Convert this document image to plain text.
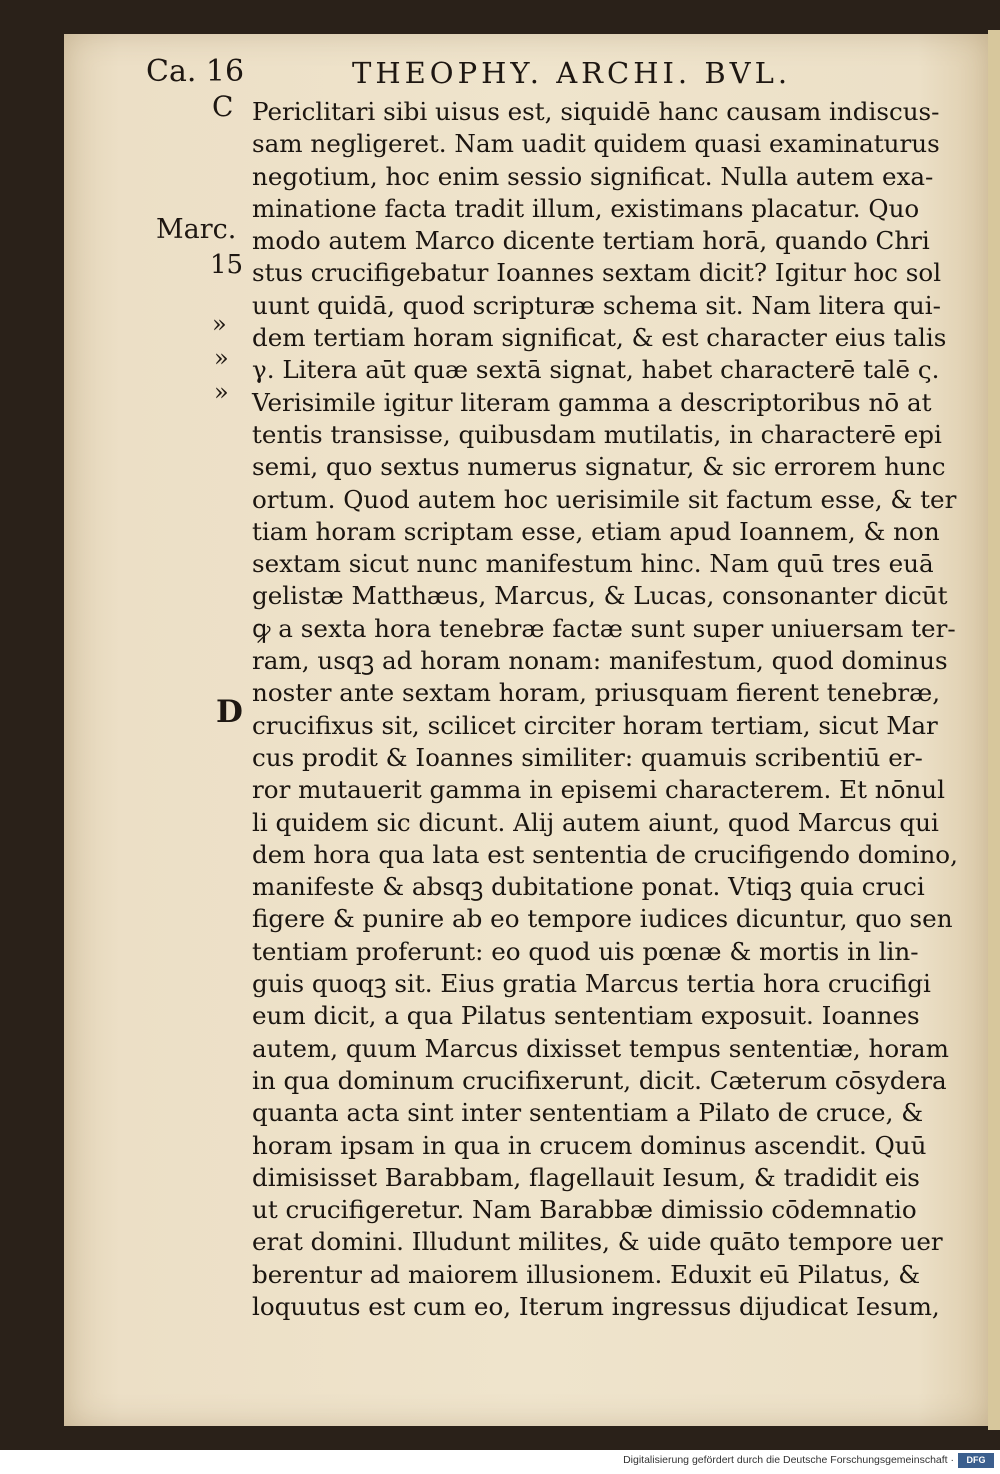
Ca. 16	THEOPHY. ARCHI. BVL.
C
Marc.
15
»
»
»
D
Periclitari sibi uisus est, siquidē hanc causam indiscus-
sam negligeret. Nam uadit quidem quasi examinaturus
negotium, hoc enim sessio significat. Nulla autem exa-
minatione facta tradit illum, existimans placatur. Quo
modo autem Marco dicente tertiam horā, quando Chri
stus crucifigebatur Ioannes sextam dicit? Igitur hoc sol
uunt quidā, quod scripturæ schema sit. Nam litera qui-
dem tertiam horam significat, & est character eius talis
γ. Litera aūt quæ sextā signat, habet characterē talē ς.
Verisimile igitur literam gamma a descriptoribus nō at
tentis transisse, quibusdam mutilatis, in characterē epi
semi, quo sextus numerus signatur, & sic errorem hunc
ortum. Quod autem hoc uerisimile sit factum esse, & ter
tiam horam scriptam esse, etiam apud Ioannem, & non
sextam sicut nunc manifestum hinc. Nam quū tres euā
gelistæ Matthæus, Marcus, & Lucas, consonanter dicūt
ꝙ a sexta hora tenebræ factæ sunt super uniuersam ter-
ram, usqꝫ ad horam nonam: manifestum, quod dominus
noster ante sextam horam, priusquam fierent tenebræ,
crucifixus sit, scilicet circiter horam tertiam, sicut Mar
cus prodit & Ioannes similiter: quamuis scribentiū er-
ror mutauerit gamma in episemi characterem. Et nōnul
li quidem sic dicunt. Alij autem aiunt, quod Marcus qui
dem hora qua lata est sententia de crucifigendo domino,
manifeste & absqꝫ dubitatione ponat. Vtiqꝫ quia cruci
figere & punire ab eo tempore iudices dicuntur, quo sen
tentiam proferunt: eo quod uis pœnæ & mortis in lin-
guis quoqꝫ sit. Eius gratia Marcus tertia hora crucifigi
eum dicit, a qua Pilatus sententiam exposuit. Ioannes
autem, quum Marcus dixisset tempus sententiæ, horam
in qua dominum crucifixerunt, dicit. Cæterum cōsydera
quanta acta sint inter sententiam a Pilato de cruce, &
horam ipsam in qua in crucem dominus ascendit. Quū
dimisisset Barabbam, flagellauit Iesum, & tradidit eis
ut crucifigeretur. Nam Barabbæ dimissio cōdemnatio
erat domini. Illudunt milites, & uide quāto tempore uer
berentur ad maiorem illusionem. Eduxit eū Pilatus, &
loquutus est cum eo, Iterum ingressus dijudicat Iesum,
Digitalisierung gefördert durch die Deutsche Forschungsgemeinschaft ·	DFG
